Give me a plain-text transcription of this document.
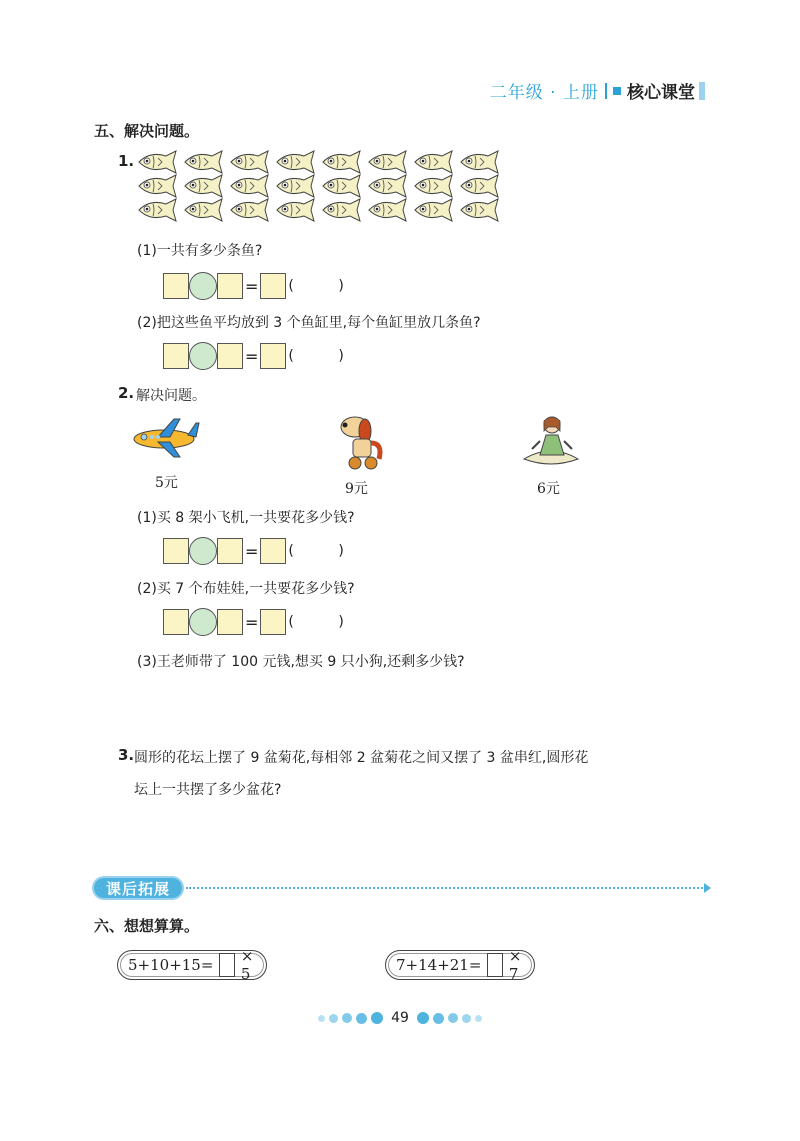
二年级 · 上册 核心课堂
五、解决问题。
1.
(1)一共有多少条鱼?
= ( )
(2)把这些鱼平均放到 3 个鱼缸里,每个鱼缸里放几条鱼?
= ( )
2. 解决问题。
5元	9元	6元
(1)买 8 架小飞机,一共要花多少钱?
= ( )
(2)买 7 个布娃娃,一共要花多少钱?
= ( )
(3)王老师带了 100 元钱,想买 9 只小狗,还剩多少钱?
3. 圆形的花坛上摆了 9 盆菊花,每相邻 2 盆菊花之间又摆了 3 盆串红,圆形花
坛上一共摆了多少盆花?
课后拓展
六、想想算算。
5+10+15= × 5	7+14+21= × 7
49
